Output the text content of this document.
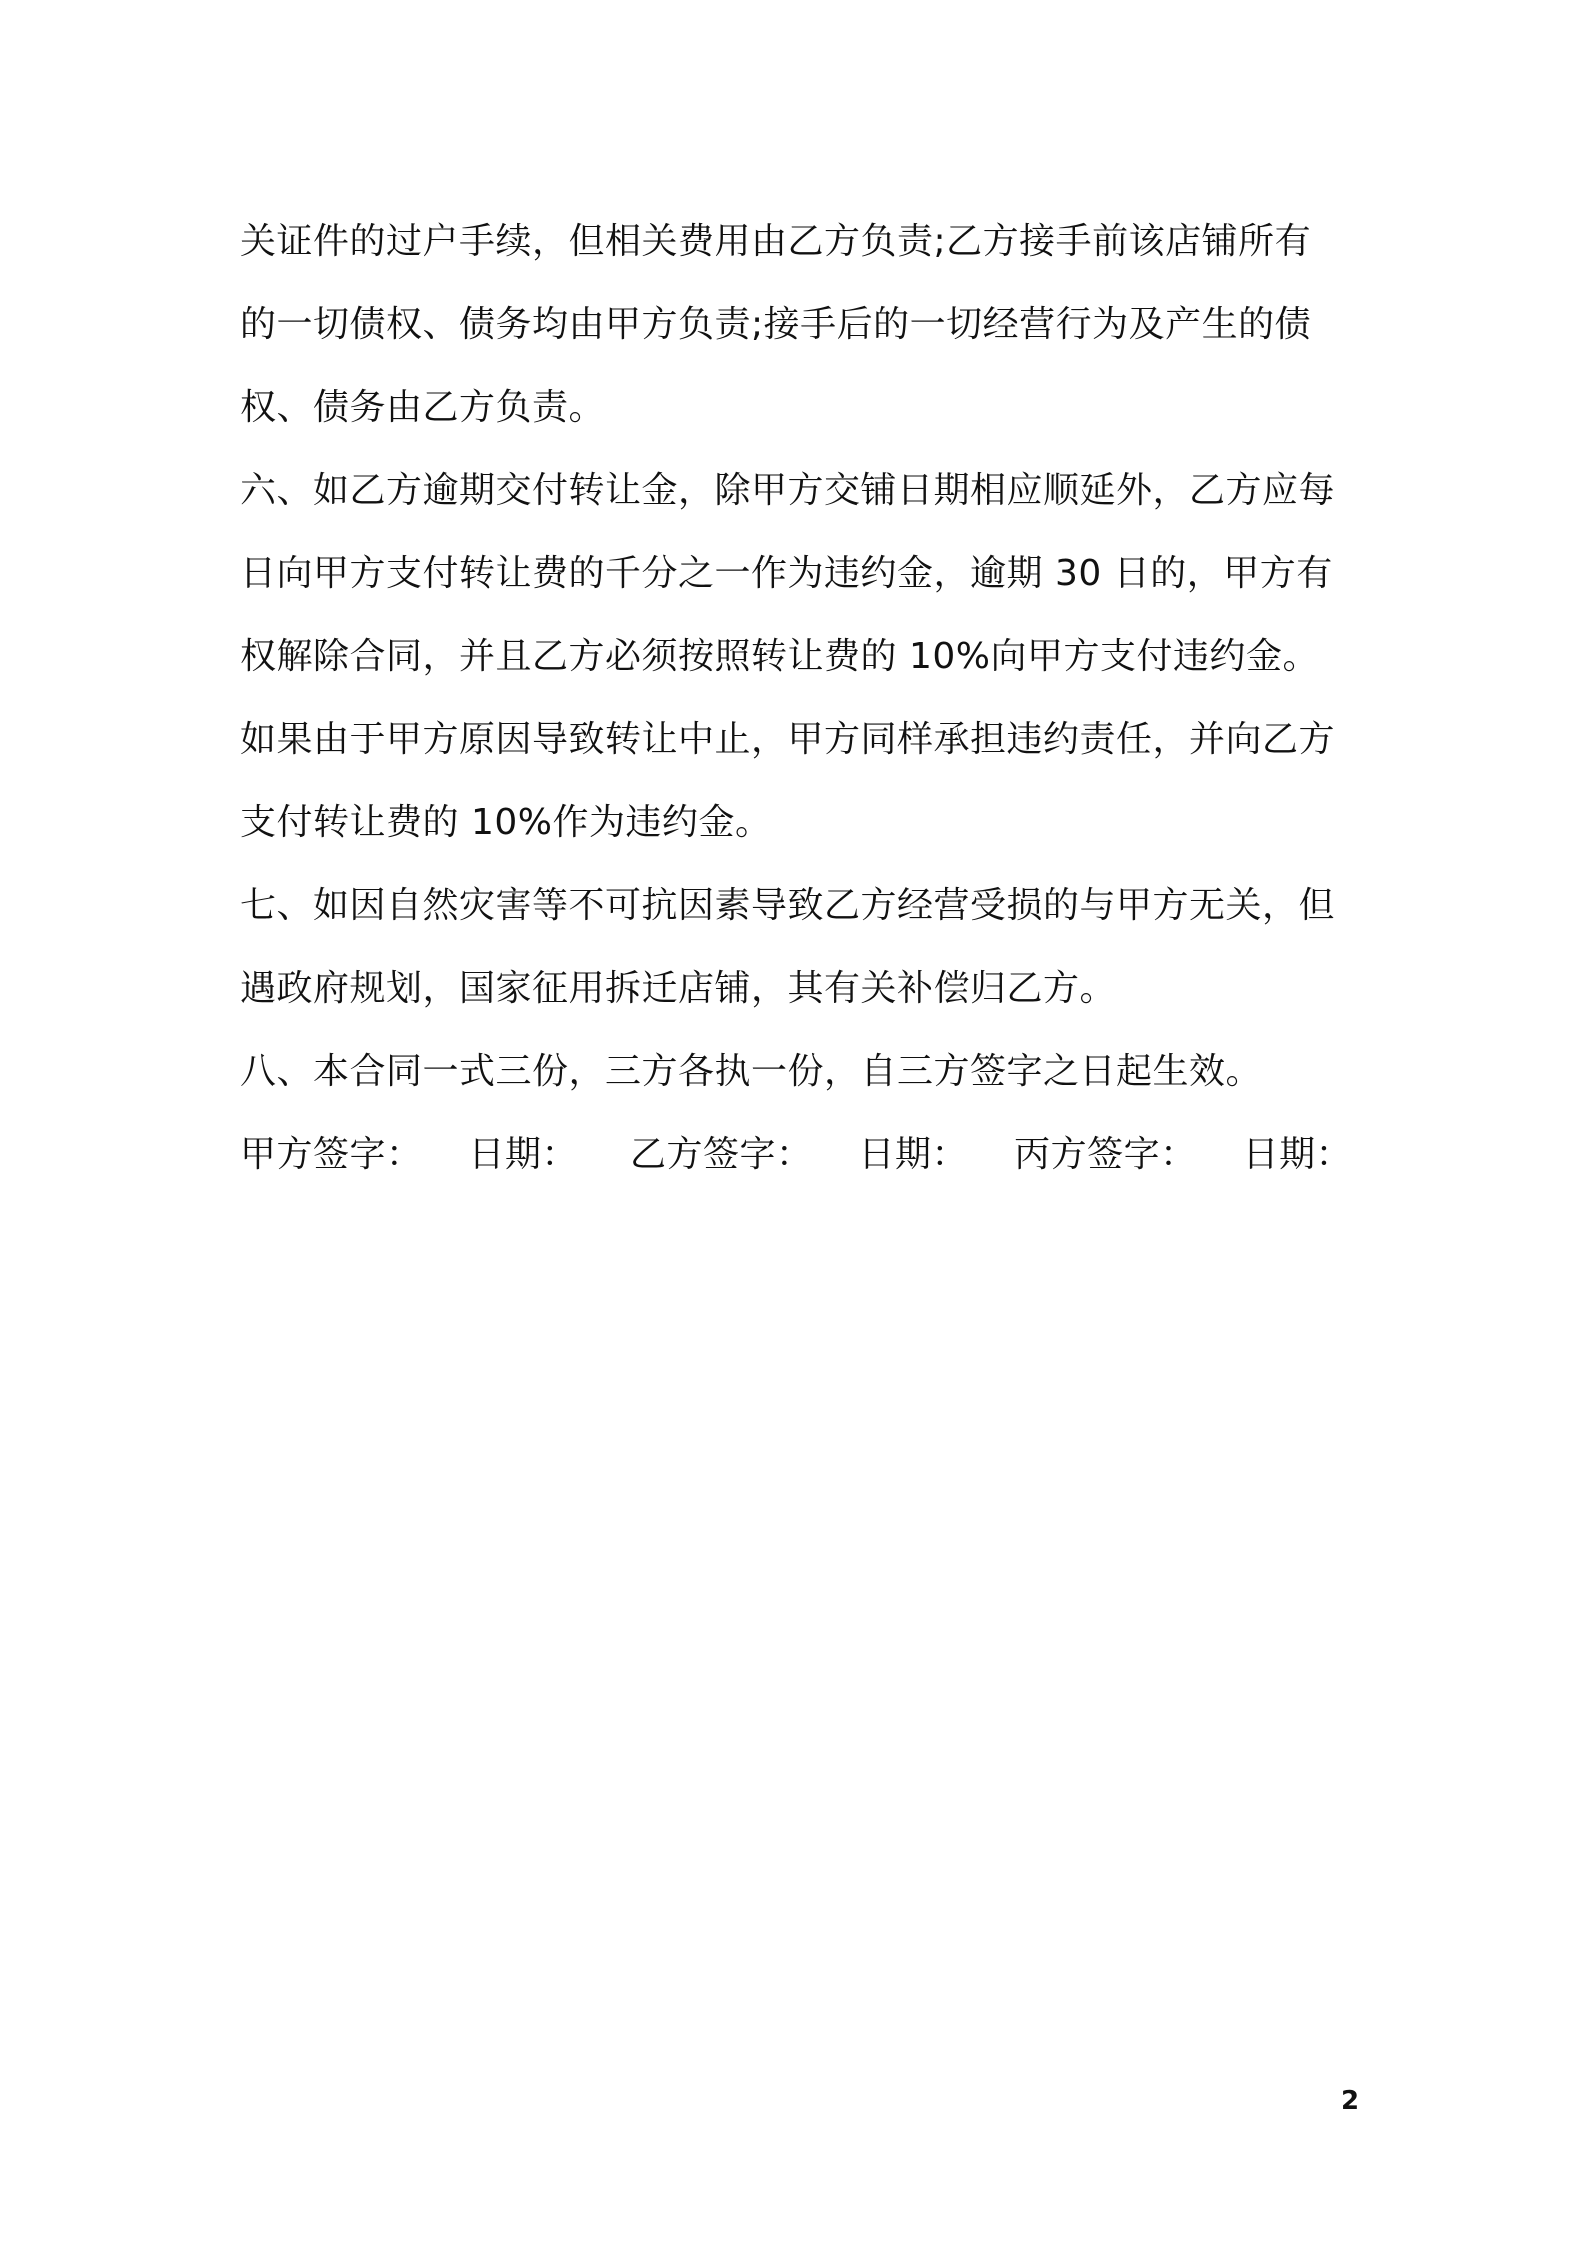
关证件的过户手续，但相关费用由乙方负责;乙方接手前该店铺所有
的一切债权、债务均由甲方负责;接手后的一切经营行为及产生的债
权、债务由乙方负责。
六、如乙方逾期交付转让金，除甲方交铺日期相应顺延外，乙方应每
日向甲方支付转让费的千分之一作为违约金，逾期 30 日的，甲方有
权解除合同，并且乙方必须按照转让费的 10%向甲方支付违约金。
如果由于甲方原因导致转让中止，甲方同样承担违约责任，并向乙方
支付转让费的 10%作为违约金。
七、如因自然灾害等不可抗因素导致乙方经营受损的与甲方无关，但
遇政府规划，国家征用拆迁店铺，其有关补偿归乙方。
八、本合同一式三份，三方各执一份，自三方签字之日起生效。
甲方签字： 日期： 乙方签字： 日期： 丙方签字： 日期：
2
